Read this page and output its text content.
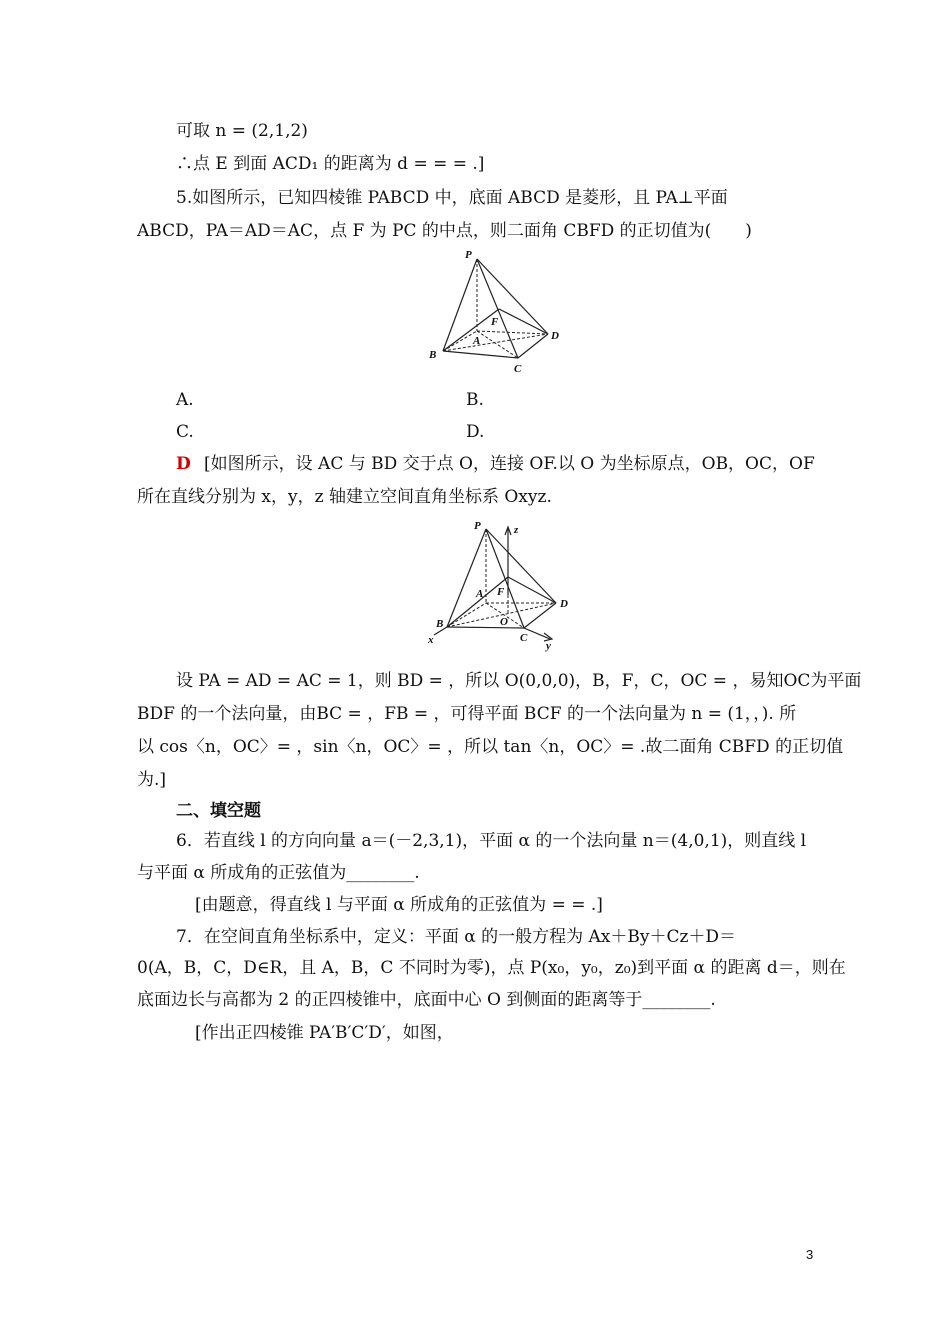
可取 n = (2,1,2)
∴点 E 到面 ACD₁ 的距离为 d = = = .]
5.如图所示，已知四棱锥 PABCD 中，底面 ABCD 是菱形，且 PA⊥平面
ABCD，PA＝AD＝AC，点 F 为 PC 的中点，则二面角 CBFD 的正切值为(　　)
P
F
A	D
B
C
A.	B.
C.	D.
D [如图所示，设 AC 与 BD 交于点 O，连接 OF.以 O 为坐标原点，OB，OC，OF
所在直线分别为 x，y，z 轴建立空间直角坐标系 Oxyz.
P	z
F
A
D
O
B
x	C
y
设 PA = AD = AC = 1，则 BD = ，所以 O(0,0,0)，B，F，C，OC = ，易知OC为平面
BDF 的一个法向量，由BC = ，FB = ，可得平面 BCF 的一个法向量为 n = (1，，). 所
以 cos〈n，OC〉= ，sin〈n，OC〉= ，所以 tan〈n，OC〉= .故二面角 CBFD 的正切值
为.]
二、填空题
6．若直线 l 的方向向量 a＝(－2,3,1)，平面 α 的一个法向量 n＝(4,0,1)，则直线 l
与平面 α 所成角的正弦值为________.
[由题意，得直线 l 与平面 α 所成角的正弦值为 = = .]
7．在空间直角坐标系中，定义：平面 α 的一般方程为 Ax＋By＋Cz＋D＝
0(A，B，C，D∈R，且 A，B，C 不同时为零)，点 P(x₀，y₀，z₀)到平面 α 的距离 d＝，则在
底面边长与高都为 2 的正四棱锥中，底面中心 O 到侧面的距离等于________.
[作出正四棱锥 PA′B′C′D′，如图，
3
